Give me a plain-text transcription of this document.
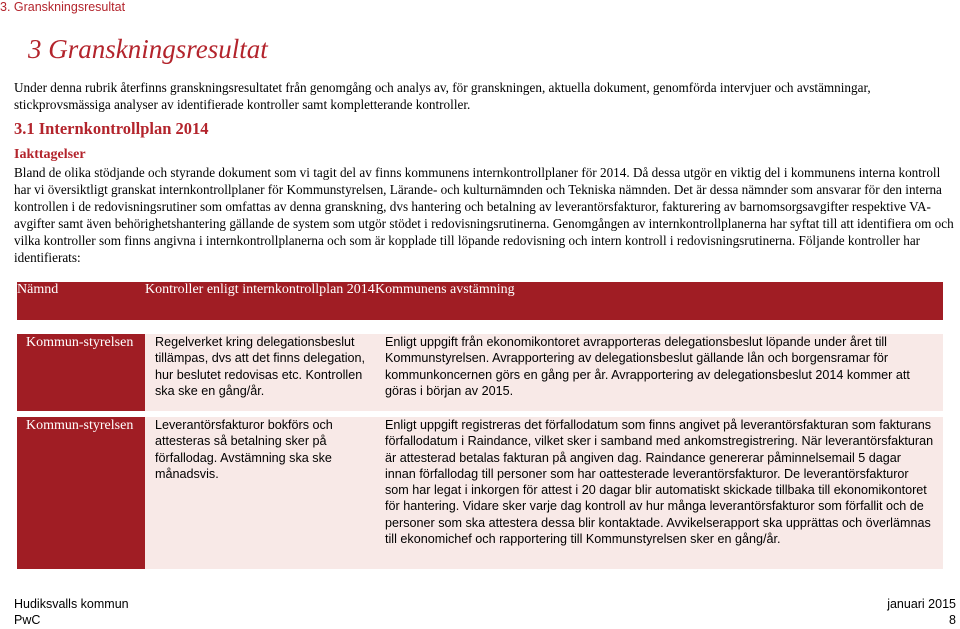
3. Granskningsresultat
3 Granskningsresultat

Under denna rubrik återfinns granskningsresultatet från genomgång och analys av, för granskningen, aktuella dokument, genomförda intervjuer och avstämningar, stickprovsmässiga analyser av identifierade kontroller samt kompletterande kontroller.

3.1 Internkontrollplan 2014
Iakttagelser

Bland de olika stödjande och styrande dokument som vi tagit del av finns kommunens internkontrollplaner för 2014. Då dessa utgör en viktig del i kommunens interna kontroll har vi översiktligt granskat internkontrollplaner för Kommunstyrelsen, Lärande- och kulturnämnden och Tekniska nämnden. Det är dessa nämnder som ansvarar för den interna kontrollen i de redovisningsrutiner som omfattas av denna granskning, dvs hantering och betalning av leverantörsfakturor, fakturering av barnomsorgsavgifter respektive VA-avgifter samt även behörighetshantering gällande de system som utgör stödet i redovisningsrutinerna. Genomgången av internkontrollplanerna har syftat till att identifiera om och vilka kontroller som finns angivna i internkontrollplanerna och som är kopplade till löpande redovisning och intern kontroll i redovisningsrutinerna. Följande kontroller har identifierats:

Nämnd	Kontroller enligt internkontrollplan 2014	Kommunens avstämning

Kommun-styrelsen	Regelverket kring delegationsbeslut tillämpas, dvs att det finns delegation, hur beslutet redovisas etc. Kontrollen ska ske en gång/år.	Enligt uppgift från ekonomikontoret avrapporteras delegationsbeslut löpande under året till Kommunstyrelsen. Avrapportering av delegationsbeslut gällande lån och borgensramar för kommunkoncernen görs en gång per år. Avrapportering av delegationsbeslut 2014 kommer att göras i början av 2015.

Kommun-styrelsen	Leverantörsfakturor bokförs och attesteras så betalning sker på förfallodag. Avstämning ska ske månadsvis.	Enligt uppgift registreras det förfallodatum som finns angivet på leverantörsfakturan som fakturans förfallodatum i Raindance, vilket sker i samband med ankomstregistrering. När leverantörsfakturan är attesterad betalas fakturan på angiven dag. Raindance genererar påminnelsemail 5 dagar innan förfallodag till personer som har oattesterade leverantörsfakturor. De leverantörsfakturor som har legat i inkorgen för attest i 20 dagar blir automatiskt skickade tillbaka till ekonomikontoret för hantering. Vidare sker varje dag kontroll av hur många leverantörsfakturor som förfallit och de personer som ska attestera dessa blir kontaktade. Avvikelserapport ska upprättas och överlämnas till ekonomichef och rapportering till Kommunstyrelsen sker en gång/år.
Hudiksvalls kommun
PwC
januari 2015
8
